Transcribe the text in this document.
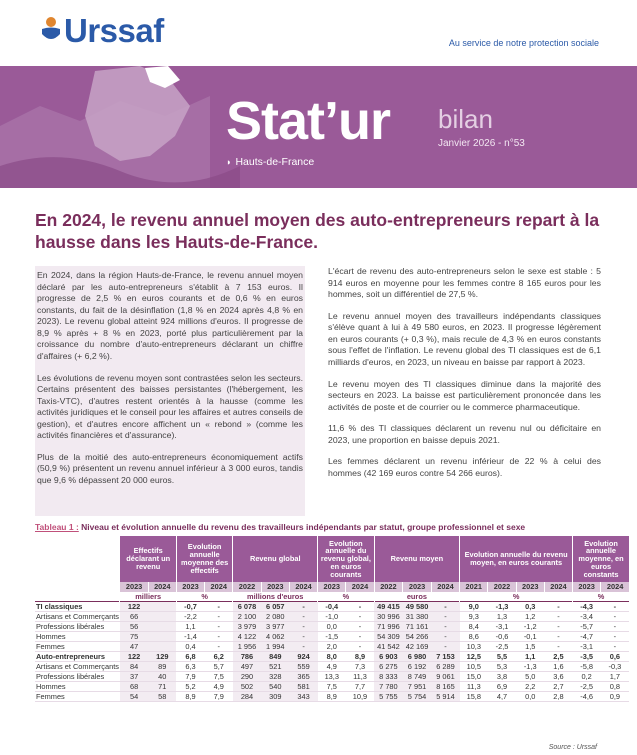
Urssaf	Au service de notre protection sociale
Stat’ur bilan
Janvier 2026 - n°53
◗ Hauts-de-France
En 2024, le revenu annuel moyen des auto-entrepreneurs repart à la hausse dans les Hauts-de-France.

En 2024, dans la région Hauts-de-France, le revenu annuel moyen déclaré par les auto-entrepreneurs s'établit à 7 153 euros. Il progresse de 2,5 % en euros courants et de 0,6 % en euros constants, du fait de la désinflation (1,8 % en 2024 après 4,8 % en 2023). Le revenu global atteint 924 millions d'euros. Il progresse de 8,9 % après + 8 % en 2023, porté plus particulièrement par la croissance du nombre d'auto-entrepreneurs déclarant un chiffre d'affaires (+ 6,2 %).

Les évolutions de revenu moyen sont contrastées selon les secteurs. Certains présentent des baisses persistantes (l'hébergement, les Taxis-VTC), d'autres restent orientés à la hausse (comme les activités juridiques et le conseil pour les affaires et autres conseils de gestion), et d'autres encore affichent un « rebond » (comme les activités financières et d'assurance).

Plus de la moitié des auto-entrepreneurs économiquement actifs (50,9 %) présentent un revenu annuel inférieur à 3 000 euros, tandis que 9,6 % dépassent 20 000 euros.

L'écart de revenu des auto-entrepreneurs selon le sexe est stable : 5 914 euros en moyenne pour les femmes contre 8 165 euros pour les hommes, soit un différentiel de 27,5 %.

Le revenu annuel moyen des travailleurs indépendants classiques s'élève quant à lui à 49 580 euros, en 2023. Il progresse légèrement en euros courants (+ 0,3 %), mais recule de 4,3 % en euros constants sous l'effet de l'inflation. Le revenu global des TI classiques est de 6,1 milliards d'euros, en 2023, un niveau en baisse par rapport à 2023.

Le revenu moyen des TI classiques diminue dans la majorité des secteurs en 2023. La baisse est particulièrement prononcée dans les activités de poste et de courrier ou le commerce pharmaceutique.

11,6 % des TI classiques déclarent un revenu nul ou déficitaire en 2023, une proportion en baisse depuis 2021.

Les femmes déclarent un revenu inférieur de 22 % à celui des hommes (42 169 euros contre 54 266 euros).

Tableau 1 : Niveau et évolution annuelle du revenu des travailleurs indépendants par statut, groupe professionnel et sexe
	Effectifs déclarant un revenu		Evolution annuelle moyenne des effectifs		Revenu global			Evolution annuelle du revenu global, en euros courants		Revenu moyen			Evolution annuelle du revenu moyen, en euros courants				Evolution annuelle moyenne, en euros constants	
	2023	2024	2023	2024	2022	2023	2024	2023	2024	2022	2023	2024	2021	2022	2023	2024	2023	2024
	milliers		%		millions d'euros			%		euros			%				%	
TI classiques	122		-0,7	-	6 078	6 057	-	-0,4	-	49 415	49 580	-	9,0	-1,3	0,3	-	-4,3	-
Artisans et Commerçants	66		-2,2	-	2 100	2 080	-	-1,0	-	30 996	31 380	-	9,3	1,3	1,2	-	-3,4	-
Professions libérales	56		1,1	-	3 979	3 977	-	0,0	-	71 996	71 161	-	8,4	-3,1	-1,2	-	-5,7	-
Hommes	75		-1,4	-	4 122	4 062	-	-1,5	-	54 309	54 266	-	8,6	-0,6	-0,1	-	-4,7	-
Femmes	47		0,4	-	1 956	1 994	-	2,0	-	41 542	42 169	-	10,3	-2,5	1,5	-	-3,1	-
Auto-entrepreneurs	122	129	6,8	6,2	786	849	924	8,0	8,9	6 903	6 980	7 153	12,5	5,5	1,1	2,5	-3,5	0,6
Artisans et Commerçants	84	89	6,3	5,7	497	521	559	4,9	7,3	6 275	6 192	6 289	10,5	5,3	-1,3	1,6	-5,8	-0,3
Professions libérales	37	40	7,9	7,5	290	328	365	13,3	11,3	8 333	8 749	9 061	15,0	3,8	5,0	3,6	0,2	1,7
Hommes	68	71	5,2	4,9	502	540	581	7,5	7,7	7 780	7 951	8 165	11,3	6,9	2,2	2,7	-2,5	0,8
Femmes	54	58	8,9	7,9	284	309	343	8,9	10,9	5 755	5 754	5 914	15,8	4,7	0,0	2,8	-4,6	0,9
Source : Urssaf
